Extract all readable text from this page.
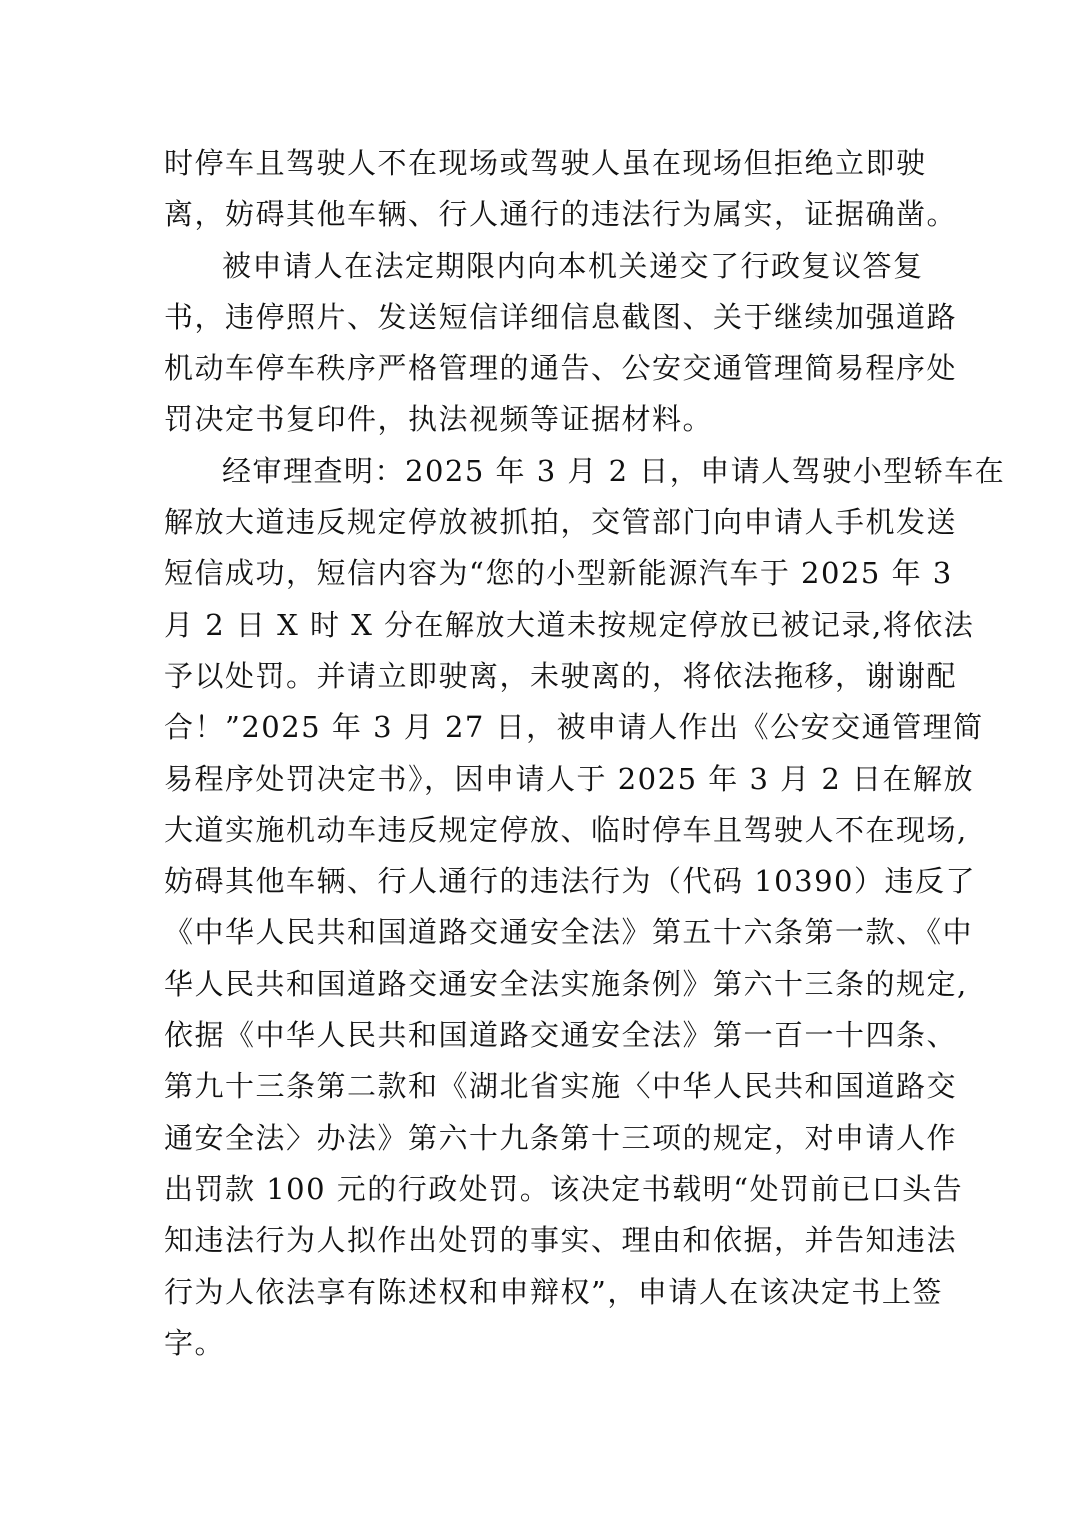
时停车且驾驶人不在现场或驾驶人虽在现场但拒绝立即驶
离，妨碍其他车辆、行人通行的违法行为属实，证据确凿。
被申请人在法定期限内向本机关递交了行政复议答复
书，违停照片、发送短信详细信息截图、关于继续加强道路
机动车停车秩序严格管理的通告、公安交通管理简易程序处
罚决定书复印件，执法视频等证据材料。
经审理查明：2025 年 3 月 2 日，申请人驾驶小型轿车在
解放大道违反规定停放被抓拍，交管部门向申请人手机发送
短信成功，短信内容为“您的小型新能源汽车于 2025 年 3
月 2 日 X 时 X 分在解放大道未按规定停放已被记录,将依法
予以处罚。并请立即驶离，未驶离的，将依法拖移，谢谢配
合！”2025 年 3 月 27 日，被申请人作出《公安交通管理简
易程序处罚决定书》，因申请人于 2025 年 3 月 2 日在解放
大道实施机动车违反规定停放、临时停车且驾驶人不在现场,
妨碍其他车辆、行人通行的违法行为（代码 10390）违反了
《中华人民共和国道路交通安全法》第五十六条第一款、《中
华人民共和国道路交通安全法实施条例》第六十三条的规定,
依据《中华人民共和国道路交通安全法》第一百一十四条、
第九十三条第二款和《湖北省实施〈中华人民共和国道路交
通安全法〉办法》第六十九条第十三项的规定，对申请人作
出罚款 100 元的行政处罚。该决定书载明“处罚前已口头告
知违法行为人拟作出处罚的事实、理由和依据，并告知违法
行为人依法享有陈述权和申辩权”，申请人在该决定书上签
字。
